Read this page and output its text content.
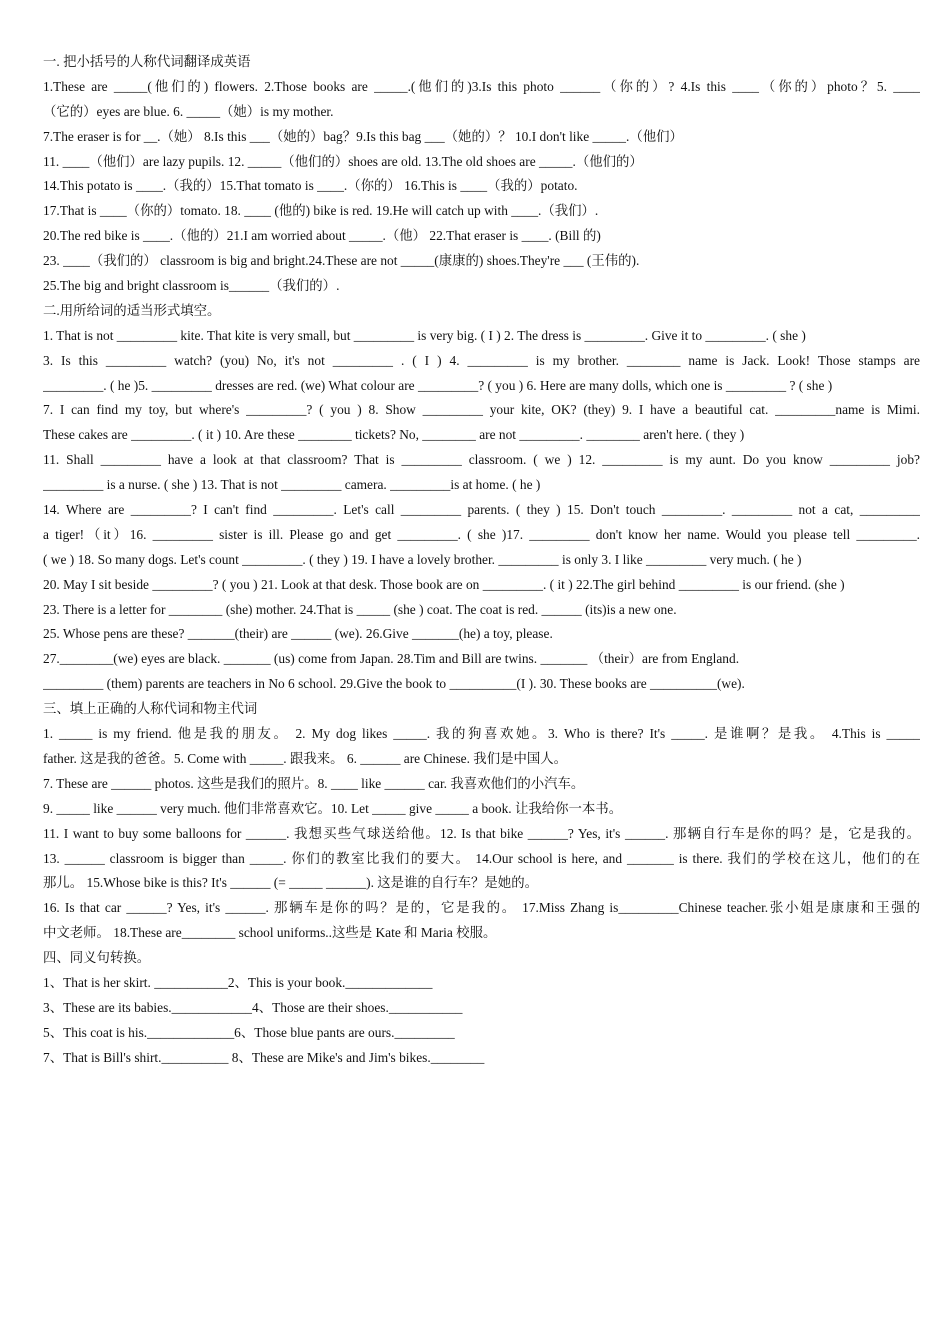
一. 把小括号的人称代词翻译成英语
1.These are _____(他们的) flowers. 2.Those books are _____.(他们的)3.Is this photo ______（你的）? 4.Is this ____（你的）photo？5. ____
（它的）eyes are blue. 6. _____（她）is my mother.
7.The eraser is for __.（她） 8.Is this ___（她的）bag？9.Is this bag ___（她的）？ 10.I don't like _____.（他们）
11. ____（他们）are lazy pupils. 12. _____（他们的）shoes are old. 13.The old shoes are _____.（他们的）
14.This potato is ____.（我的）15.That tomato is ____.（你的） 16.This is ____（我的）potato.
17.That is ____（你的）tomato. 18. ____ (他的) bike is red. 19.He will catch up with ____.（我们）.
20.The red bike is ____.（他的）21.I am worried about _____.（他） 22.That eraser is ____. (Bill 的)
23. ____（我们的） classroom is big and bright.24.These are not _____(康康的) shoes.They're ___ (王伟的).
25.The big and bright classroom is______（我们的）.
二.用所给词的适当形式填空。
1. That is not _________ kite. That kite is very small, but _________ is very big. ( I ) 2. The dress is _________. Give it to _________. ( she )
3. Is this _________ watch? (you) No, it's not _________ . ( I ) 4. _________ is my brother. ________ name is Jack. Look! Those stamps are
_________. ( he )5. _________ dresses are red. (we) What colour are _________? ( you ) 6. Here are many dolls, which one is _________ ? ( she )
7. I can find my toy, but where's _________? ( you ) 8. Show _________ your kite, OK? (they) 9. I have a beautiful cat. _________name is Mimi.
These cakes are _________. ( it ) 10. Are these ________ tickets? No, ________ are not _________. ________ aren't here. ( they )
11. Shall _________ have a look at that classroom? That is _________ classroom. ( we ) 12. _________ is my aunt. Do you know _________ job?
_________ is a nurse. ( she ) 13. That is not _________ camera. _________is at home. ( he )
14. Where are _________? I can't find _________. Let's call _________ parents. ( they ) 15. Don't touch _________. _________ not a cat, _________
a tiger!（it）16. _________ sister is ill. Please go and get _________. ( she )17. _________ don't know her name. Would you please tell _________.
( we ) 18. So many dogs. Let's count _________. ( they ) 19. I have a lovely brother. _________ is only 3. I like _________ very much. ( he )
20. May I sit beside _________? ( you ) 21. Look at that desk. Those book are on _________. ( it ) 22.The girl behind _________ is our friend. (she )
23. There is a letter for ________ (she) mother. 24.That is _____ (she ) coat. The coat is red. ______ (its)is a new one.
25. Whose pens are these? _______(their) are ______ (we). 26.Give _______(he) a toy, please.
27.________(we) eyes are black. _______ (us) come from Japan. 28.Tim and Bill are twins. _______ （their）are from England.
_________ (them) parents are teachers in No 6 school. 29.Give the book to __________(I ). 30. These books are __________(we).
三、填上正确的人称代词和物主代词
1. _____ is my friend. 他是我的朋友。 2. My dog likes _____. 我的狗喜欢她。3. Who is there? It's _____. 是谁啊？是我。 4.This is _____
father. 这是我的爸爸。5. Come with _____. 跟我来。 6. ______ are Chinese. 我们是中国人。
7. These are ______ photos. 这些是我们的照片。8. ____ like ______ car. 我喜欢他们的小汽车。
9. _____ like ______ very much. 他们非常喜欢它。10. Let _____ give _____ a book. 让我给你一本书。
11. I want to buy some balloons for ______. 我想买些气球送给他。12. Is that bike ______? Yes, it's ______. 那辆自行车是你的吗？是，它是我的。
13. ______ classroom is bigger than _____. 你们的教室比我们的要大。 14.Our school is here, and _______ is there. 我们的学校在这儿，他们的在
那儿。 15.Whose bike is this? It's ______ (= _____ ______). 这是谁的自行车？是她的。
16. Is that car ______? Yes, it's ______. 那辆车是你的吗？是的，它是我的。 17.Miss Zhang is_________Chinese teacher.张小姐是康康和王强的
中文老师。 18.These are________ school uniforms..这些是 Kate 和 Maria 校服。
四、同义句转换。
1、That is her skirt. ___________2、This is your book._____________
3、These are its babies.____________4、Those are their shoes.___________
5、This coat is his._____________6、Those blue pants are ours._________
7、That is Bill's shirt.__________ 8、These are Mike's and Jim's bikes.________
